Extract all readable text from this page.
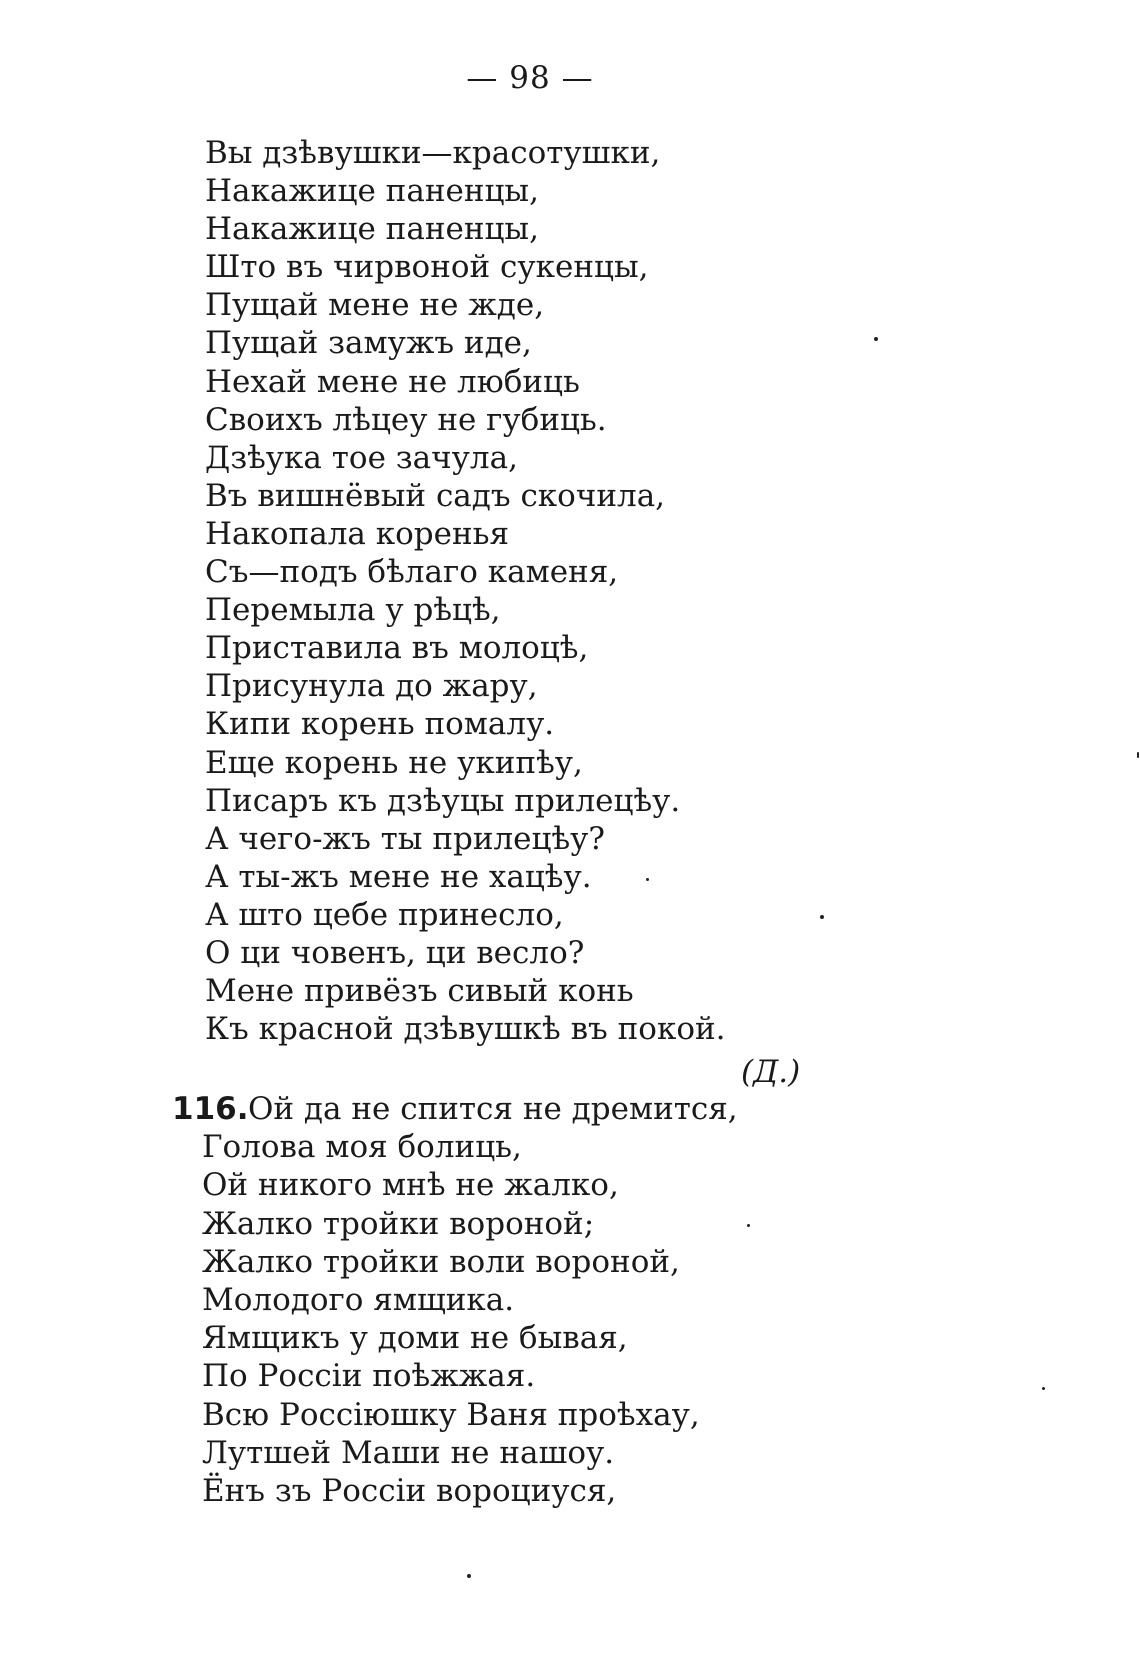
— 98 —
Вы дзѣвушки—красотушки,
Накажице паненцы,
Накажице паненцы,
Што въ чирвоной сукенцы,
Пущай мене не жде,
Пущай замужъ иде,
Нехай мене не любиць
Своихъ лѣцеу не губиць.
Дзѣука тое зачула,
Въ вишнёвый садъ скочила,
Накопала коренья
Съ—подъ бѣлаго каменя,
Перемыла у рѣцѣ,
Приставила въ молоцѣ,
Присунула до жару,
Кипи корень помалу.
Еще корень не укипѣу,
Писаръ къ дзѣуцы прилецѣу.
А чего-жъ ты прилецѣу?
А ты-жъ мене не хацѣу.
А што цебе принесло,
О ци човенъ, ци весло?
Мене привёзъ сивый конь
Къ красной дзѣвушкѣ въ покой.
(Д.)
116. Ой да не спится не дремится,
Голова моя болиць,
Ой никого мнѣ не жалко,
Жалко тройки вороной;
Жалко тройки воли вороной,
Молодого ямщика.
Ямщикъ у доми не бывая,
По Россiи поѣжжая.
Всю Россiюшку Ваня проѣхау,
Лутшей Маши не нашоу.
Ёнъ зъ Россiи вороциуся,
